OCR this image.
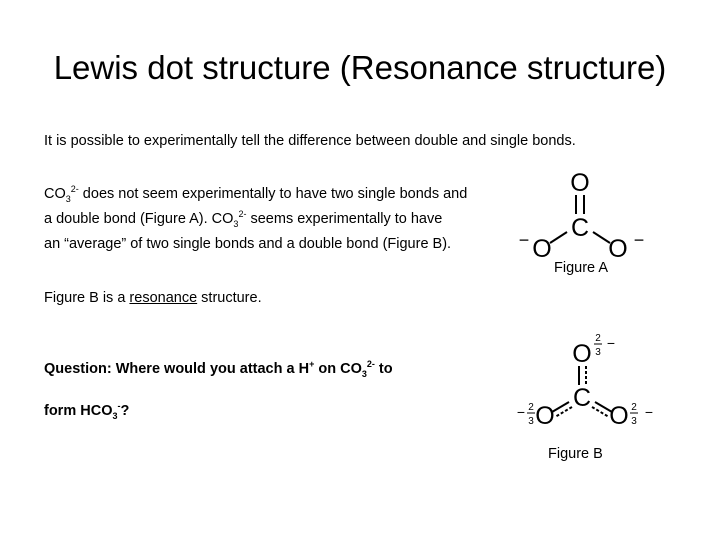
Lewis dot structure (Resonance structure)
It is possible to experimentally tell the difference between double and single bonds.
$CO_3^{2-}$ does not seem experimentally to have two single bonds and
a double bond (Figure A). $CO_3^{2-}$ seems experimentally to have
an “average” of two single bonds and a double bond (Figure B).
Figure B is a resonance structure.
Question: Where would you attach a H+ on $CO_3^{2-}$ to
form $HCO_3^-$?
O
C
O O
−	−
Figure A
O
2
3
−
C
O O
− 2
3
2
3
−
Figure B
